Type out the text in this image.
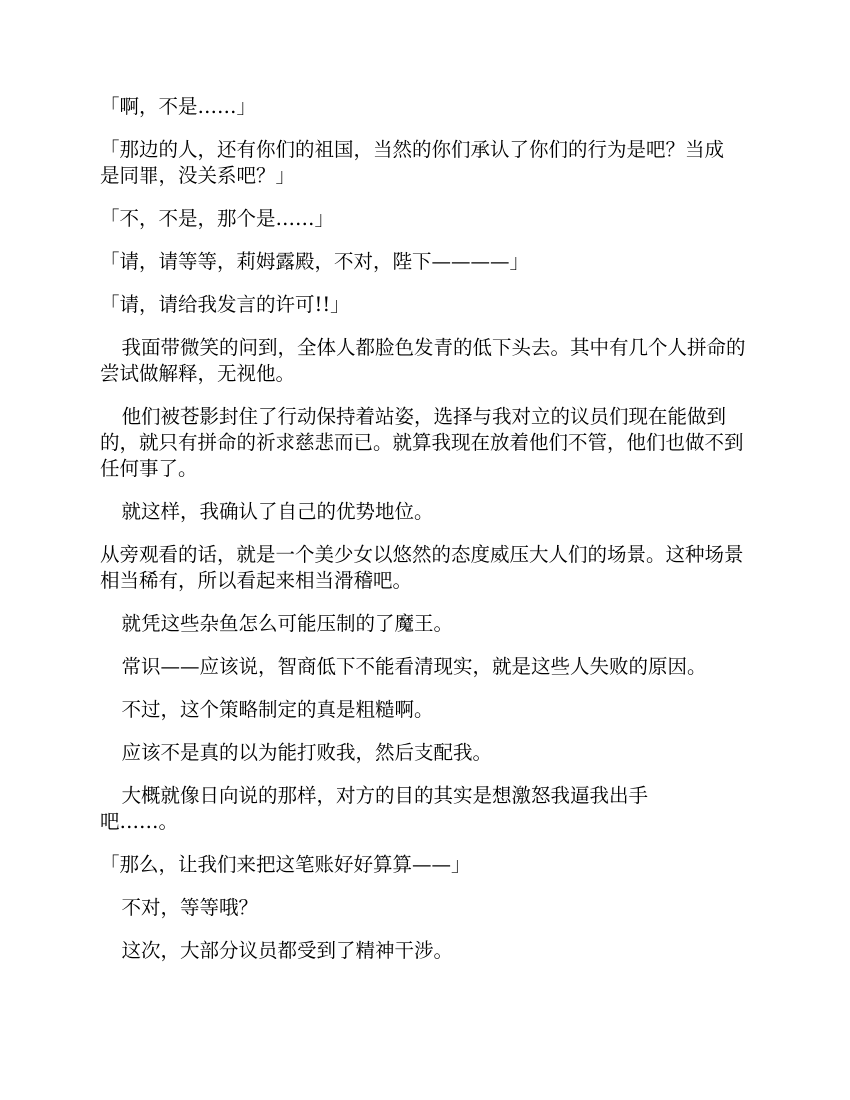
「啊，不是……」

「那边的人，还有你们的祖国，当然的你们承认了你们的行为是吧？当成是同罪，没关系吧？」

「不，不是，那个是……」

「请，请等等，莉姆露殿，不对，陛下————」

「请，请给我发言的许可!!」

我面带微笑的问到，全体人都脸色发青的低下头去。其中有几个人拼命的尝试做解释，无视他。

他们被苍影封住了行动保持着站姿，选择与我对立的议员们现在能做到的，就只有拼命的祈求慈悲而已。就算我现在放着他们不管，他们也做不到任何事了。

就这样，我确认了自己的优势地位。

从旁观看的话，就是一个美少女以悠然的态度威压大人们的场景。这种场景相当稀有，所以看起来相当滑稽吧。

就凭这些杂鱼怎么可能压制的了魔王。

常识——应该说，智商低下不能看清现实，就是这些人失败的原因。

不过，这个策略制定的真是粗糙啊。

应该不是真的以为能打败我，然后支配我。

大概就像日向说的那样，对方的目的其实是想激怒我逼我出手吧……。

「那么，让我们来把这笔账好好算算——」

不对，等等哦？

这次，大部分议员都受到了精神干涉。
